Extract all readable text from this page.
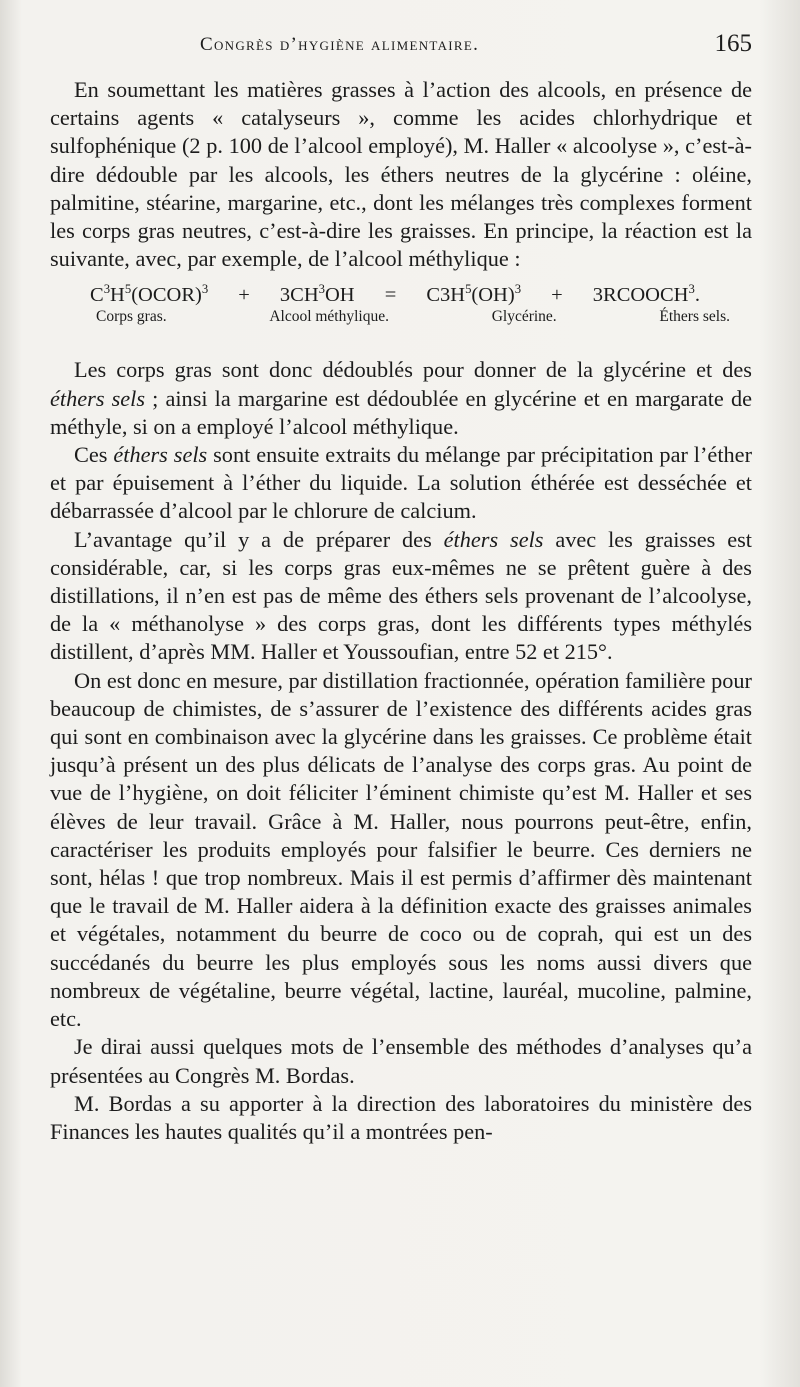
Congrès d’hygiène alimentaire.	165

En soumettant les matières grasses à l’action des alcools, en présence de certains agents « catalyseurs », comme les acides chlorhydrique et sulfophénique (2 p. 100 de l’alcool employé), M. Haller « alcoolyse », c’est-à-dire dédouble par les alcools, les éthers neutres de la glycérine : oléine, palmitine, stéarine, margarine, etc., dont les mélanges très complexes forment les corps gras neutres, c’est-à-dire les graisses. En principe, la réaction est la suivante, avec, par exemple, de l’alcool méthylique :

$C^3H^5(OCOR)^3 + 3CH^3OH = C3H^5(OH)^3$ + $3RCOOCH^3$.
Corps gras.	Alcool méthylique.	Glycérine.	Éthers sels.

Les corps gras sont donc dédoublés pour donner de la glycérine et des éthers sels ; ainsi la margarine est dédoublée en glycérine et en margarate de méthyle, si on a employé l’alcool méthylique.

Ces éthers sels sont ensuite extraits du mélange par précipitation par l’éther et par épuisement à l’éther du liquide. La solution éthérée est desséchée et débarrassée d’alcool par le chlorure de calcium.

L’avantage qu’il y a de préparer des éthers sels avec les graisses est considérable, car, si les corps gras eux-mêmes ne se prêtent guère à des distillations, il n’en est pas de même des éthers sels provenant de l’alcoolyse, de la « méthanolyse » des corps gras, dont les différents types méthylés distillent, d’après MM. Haller et Youssoufian, entre 52 et 215°.

On est donc en mesure, par distillation fractionnée, opération familière pour beaucoup de chimistes, de s’assurer de l’existence des différents acides gras qui sont en combinaison avec la glycérine dans les graisses. Ce problème était jusqu’à présent un des plus délicats de l’analyse des corps gras. Au point de vue de l’hygiène, on doit féliciter l’éminent chimiste qu’est M. Haller et ses élèves de leur travail. Grâce à M. Haller, nous pourrons peut-être, enfin, caractériser les produits employés pour falsifier le beurre. Ces derniers ne sont, hélas ! que trop nombreux. Mais il est permis d’affirmer dès maintenant que le travail de M. Haller aidera à la définition exacte des graisses animales et végétales, notamment du beurre de coco ou de coprah, qui est un des succédanés du beurre les plus employés sous les noms aussi divers que nombreux de végétaline, beurre végétal, lactine, lauréal, mucoline, palmine, etc.

Je dirai aussi quelques mots de l’ensemble des méthodes d’analyses qu’a présentées au Congrès M. Bordas.

M. Bordas a su apporter à la direction des laboratoires du ministère des Finances les hautes qualités qu’il a montrées pen-
